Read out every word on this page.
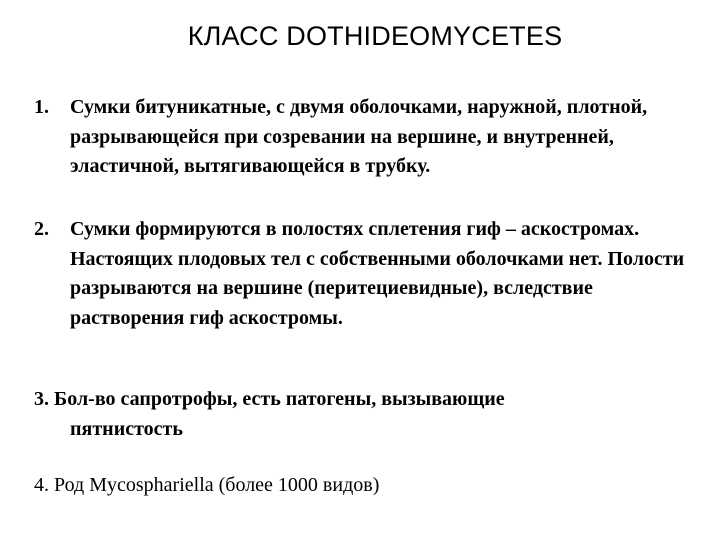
КЛАСС DOTHIDEOMYCETES
1.	Сумки битуникатные, с двумя оболочками, наружной, плотной, разрывающейся при созревании на вершине, и внутренней, эластичной, вытягивающейся в трубку.
2.	Сумки формируются в полостях сплетения гиф – аскостромах. Настоящих плодовых тел с собственными оболочками нет. Полости разрываются на вершине (перитециевидные), вследствие растворения гиф аскостромы.
3. Бол-во сапротрофы, есть патогены, вызывающие
пятнистость
4. Род Mycosphariella (более 1000 видов)
